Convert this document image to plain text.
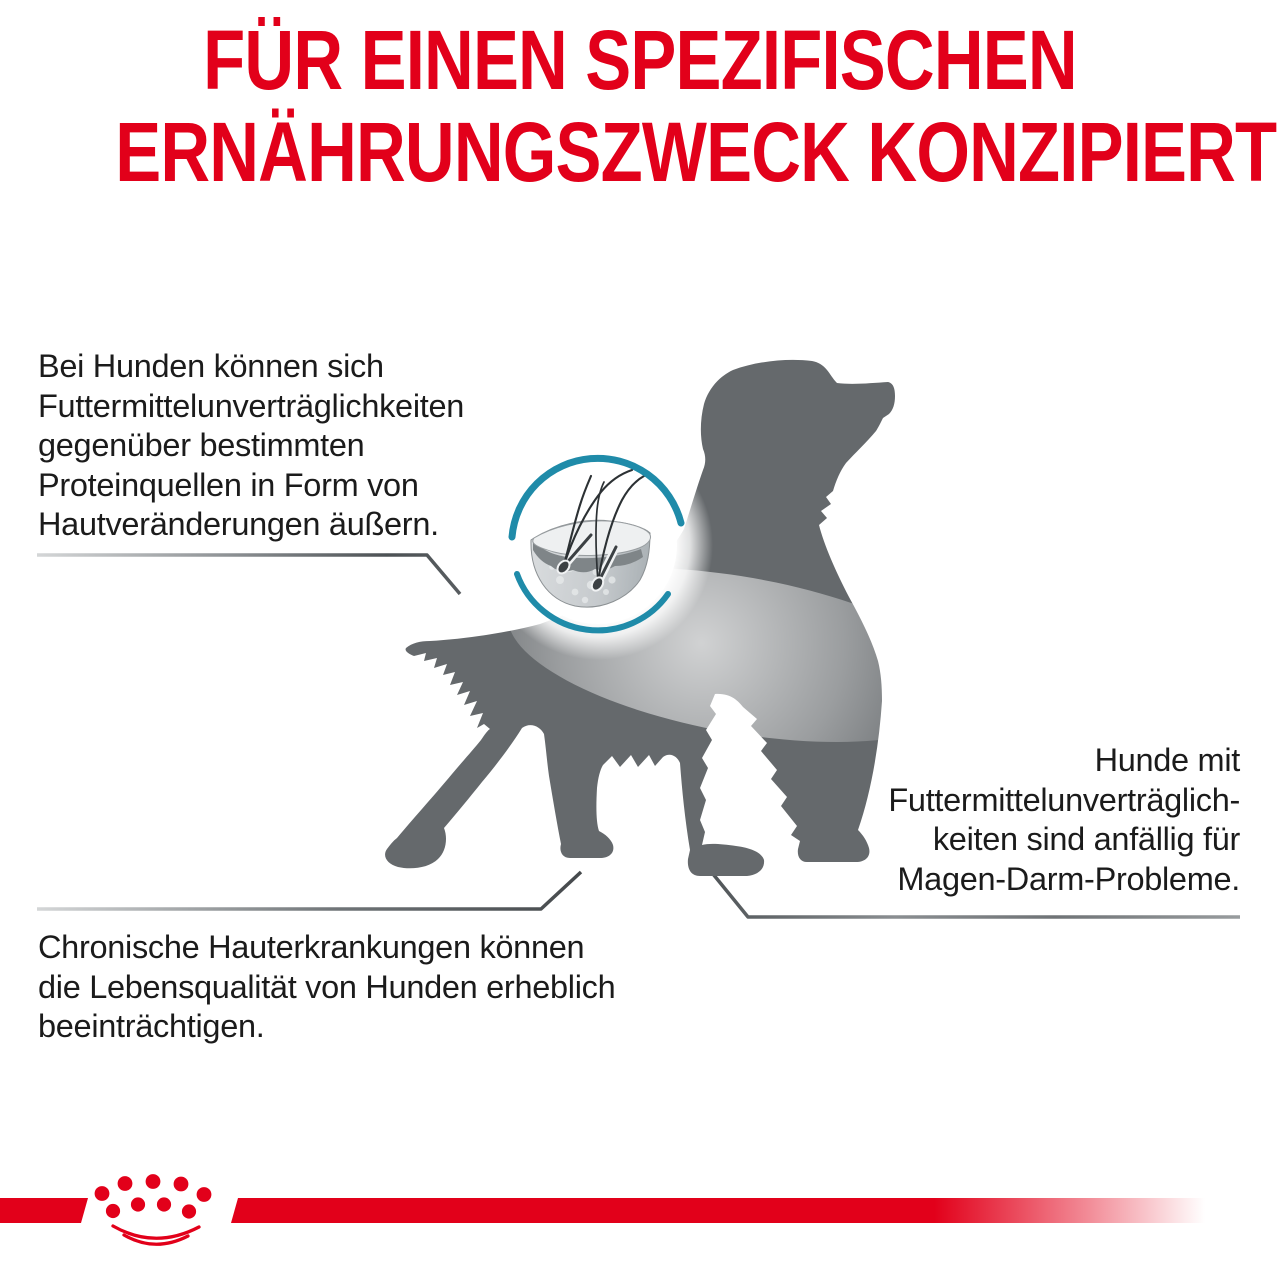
FÜR EINEN SPEZIFISCHEN
ERNÄHRUNGSZWECK KONZIPIERT
Bei Hunden können sich
Futtermittelunverträglichkeiten
gegenüber bestimmten
Proteinquellen in Form von
Hautveränderungen äußern.
Hunde mit
Futtermittelunverträglich-
keiten sind anfällig für
Magen-Darm-Probleme.
Chronische Hauterkrankungen können
die Lebensqualität von Hunden erheblich
beeinträchtigen.
